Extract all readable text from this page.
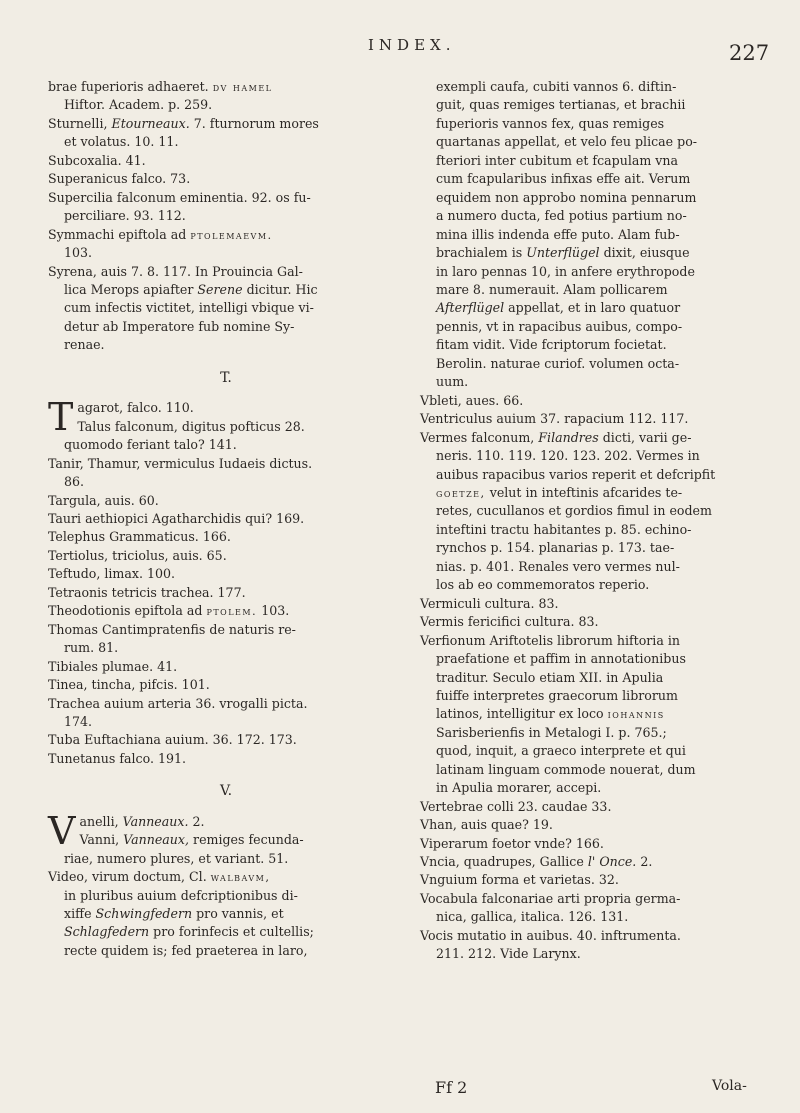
INDEX.	227

brae fuperioris adhaeret. dv hamel

Hiftor. Academ. p. 259.

Sturnelli, Etourneaux. 7. fturnorum mores

et volatus. 10. 11.

Subcoxalia. 41.

Superanicus falco. 73.

Supercilia falconum eminentia. 92. os fu-

perciliare. 93. 112.

Symmachi epiftola ad ptolemaevm.

103.

Syrena, auis 7. 8. 117. In Prouincia Gal-

lica Merops apiafter Serene dicitur. Hic

cum infectis victitet, intelligi vbique vi-

detur ab Imperatore fub nomine Sy-

renae.

T.

Tagarot, falco. 110.
Talus falconum, digitus pofticus 28.

quomodo feriant talo? 141.

Tanir, Thamur, vermiculus Iudaeis dictus.

86.

Targula, auis. 60.

Tauri aethiopici Agatharchidis qui? 169.

Telephus Grammaticus. 166.

Tertiolus, triciolus, auis. 65.

Teftudo, limax. 100.

Tetraonis tetricis trachea. 177.

Theodotionis epiftola ad ptolem. 103.

Thomas Cantimpratenfis de naturis re-

rum. 81.

Tibiales plumae. 41.

Tinea, tincha, pifcis. 101.

Trachea auium arteria 36. vrogalli picta.

174.

Tuba Euftachiana auium. 36. 172. 173.

Tunetanus falco. 191.

V.

Vanelli, Vanneaux. 2.
Vanni, Vanneaux, remiges fecunda-

riae, numero plures, et variant. 51.

Video, virum doctum, Cl. walbavm,

in pluribus auium defcriptionibus di-

xiffe Schwingfedern pro vannis, et

Schlagfedern pro forinfecis et cultellis;

recte quidem is; fed praeterea in laro,

exempli caufa, cubiti vannos 6. diftin-

guit, quas remiges tertianas, et brachii

fuperioris vannos fex, quas remiges

quartanas appellat, et velo feu plicae po-

fteriori inter cubitum et fcapulam vna

cum fcapularibus infixas effe ait. Verum

equidem non approbo nomina pennarum

a numero ducta, fed potius partium no-

mina illis indenda effe puto. Alam fub-

brachialem is Unterflügel dixit, eiusque

in laro pennas 10, in anfere erythropode

mare 8. numerauit. Alam pollicarem

Afterflügel appellat, et in laro quatuor

pennis, vt in rapacibus auibus, compo-

fitam vidit. Vide fcriptorum focietat.

Berolin. naturae curiof. volumen octa-

uum.

Vbleti, aues. 66.

Ventriculus auium 37. rapacium 112. 117.

Vermes falconum, Filandres dicti, varii ge-

neris. 110. 119. 120. 123. 202. Vermes in

auibus rapacibus varios reperit et defcripfit

goetze, velut in inteftinis afcarides te-

retes, cucullanos et gordios fimul in eodem

inteftini tractu habitantes p. 85. echino-

rynchos p. 154. planarias p. 173. tae-

nias. p. 401. Renales vero vermes nul-

los ab eo commemoratos reperio.

Vermiculi cultura. 83.

Vermis fericifici cultura. 83.

Verfionum Ariftotelis librorum hiftoria in

praefatione et paffim in annotationibus

traditur. Seculo etiam XII. in Apulia

fuiffe interpretes graecorum librorum

latinos, intelligitur ex loco iohannis

Sarisberienfis in Metalogi I. p. 765.;

quod, inquit, a graeco interprete et qui

latinam linguam commode nouerat, dum

in Apulia morarer, accepi.

Vertebrae colli 23. caudae 33.

Vhan, auis quae? 19.

Viperarum foetor vnde? 166.

Vncia, quadrupes, Gallice l' Once. 2.

Vnguium forma et varietas. 32.

Vocabula falconariae arti propria germa-

nica, gallica, italica. 126. 131.

Vocis mutatio in auibus. 40. inftrumenta.

211. 212. Vide Larynx.

Ff 2	Vola-
